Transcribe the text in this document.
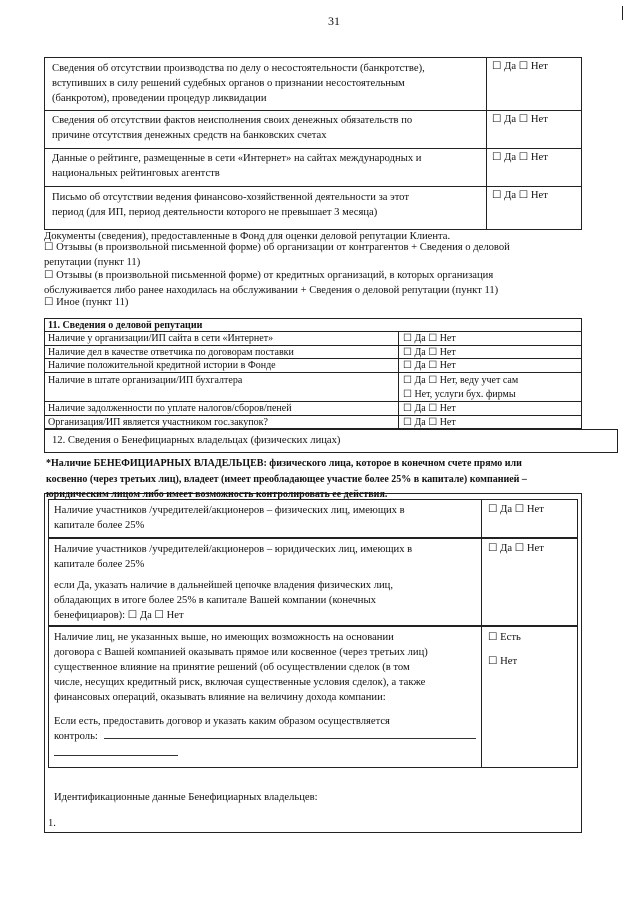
31
Сведения об отсутствии производства по делу о несостоятельности (банкротстве),
вступивших в силу решений судебных органов о признании несостоятельным
(банкротом), проведении процедур ликвидации
☐ Да ☐ Нет
Сведения об отсутствии фактов неисполнения своих денежных обязательств по
причине отсутствия денежных средств на банковских счетах
☐ Да ☐ Нет
Данные о рейтинге, размещенные в сети «Интернет» на сайтах международных и
национальных рейтинговых агентств
☐ Да ☐ Нет
Письмо об отсутствии ведения финансово-хозяйственной деятельности за этот
период (для ИП, период деятельности которого не превышает 3 месяца)
☐ Да ☐ Нет
Документы (сведения), предоставленные в Фонд для оценки деловой репутации Клиента.
☐ Отзывы (в произвольной письменной форме) об организации от контрагентов + Сведения о деловой
репутации (пункт 11)
☐ Отзывы (в произвольной письменной форме) от кредитных организаций, в которых организация
обслуживается либо ранее находилась на обслуживании + Сведения о деловой репутации (пункт 11)
☐ Иное (пункт 11)
11. Сведения о деловой репутации
Наличие у организации/ИП сайта в сети «Интернет»	☐ Да ☐ Нет
Наличие дел в качестве ответчика по договорам поставки	☐ Да ☐ Нет
Наличие положительной кредитной истории в Фонде	☐ Да ☐ Нет
Наличие в штате организации/ИП бухгалтера	☐ Да ☐ Нет, веду учет сам
☐ Нет, услуги бух. фирмы
Наличие задолженности по уплате налогов/сборов/пеней	☐ Да ☐ Нет
Организация/ИП является участником гос.закупок?	☐ Да ☐ Нет
12. Сведения о Бенефициарных владельцах (физических лицах)
*Наличие БЕНЕФИЦИАРНЫХ ВЛАДЕЛЬЦЕВ: физического лица, которое в конечном счете прямо или
косвенно (через третьих лиц), владеет (имеет преобладающее участие более 25% в капитале) компанией –
юридическим лицом либо имеет возможность контролировать ее действия.
Наличие участников /учредителей/акционеров – физических лиц, имеющих в
капитале более 25%
☐ Да ☐ Нет
Наличие участников /учредителей/акционеров – юридических лиц, имеющих в
капитале более 25%
☐ Да ☐ Нет
если Да, указать наличие в дальнейшей цепочке владения физических лиц,
обладающих в итоге более 25% в капитале Вашей компании (конечных
бенефициаров): ☐ Да ☐ Нет
Наличие лиц, не указанных выше, но имеющих возможность на основании
договора с Вашей компанией оказывать прямое или косвенное (через третьих лиц)
существенное влияние на принятие решений (об осуществлении сделок (в том
числе, несущих кредитный риск, включая существенные условия сделок), а также
финансовых операций, оказывать влияние на величину дохода компании:
☐ Есть
☐ Нет
Если есть, предоставить договор и указать каким образом осуществляется
контроль:
Идентификационные данные Бенефициарных владельцев:
1.
